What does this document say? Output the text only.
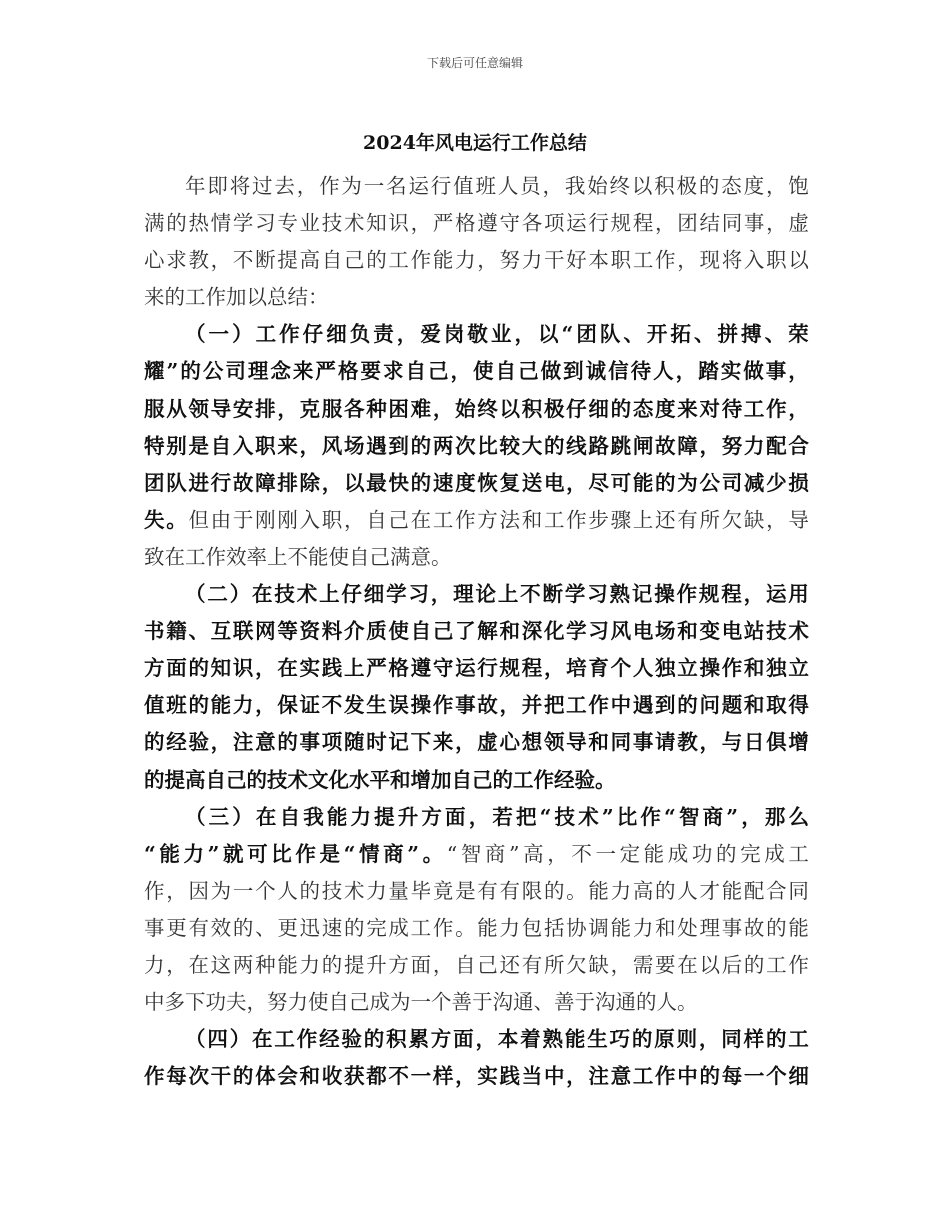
下载后可任意编辑
2024年风电运行工作总结
年 即 将 过 去 ， 作 为 一 名 运 行 值 班 人 员 ， 我 始 终 以 积 极 的 态 度 ， 饱
满 的 热 情 学 习 专 业 技 术 知 识 ， 严 格 遵 守 各 项 运 行 规 程 ， 团 结 同 事 ， 虚
心 求 教 ， 不 断 提 高 自 己 的 工 作 能 力 ， 努 力 干 好 本 职 工 作 ， 现 将 入 职 以
来 的 工 作 加 以 总 结 ：
（ 一 ） 工 作 仔 细 负 责 ， 爱 岗 敬 业 ， 以 “ 团 队 、 开 拓 、 拼 搏 、 荣
耀 ” 的 公 司 理 念 来 严 格 要 求 自 己 ， 使 自 己 做 到 诚 信 待 人 ， 踏 实 做 事 ，
服 从 领 导 安 排 ， 克 服 各 种 困 难 ， 始 终 以 积 极 仔 细 的 态 度 来 对 待 工 作 ，
特 别 是 自 入 职 来 ， 风 场 遇 到 的 两 次 比 较 大 的 线 路 跳 闸 故 障 ， 努 力 配 合
团 队 进 行 故 障 排 除 ， 以 最 快 的 速 度 恢 复 送 电 ， 尽 可 能 的 为 公 司 减 少 损
失 。 但 由 于 刚 刚 入 职 ， 自 己 在 工 作 方 法 和 工 作 步 骤 上 还 有 所 欠 缺 ， 导
致 在 工 作 效 率 上 不 能 使 自 己 满 意 。
（ 二 ） 在 技 术 上 仔 细 学 习 ， 理 论 上 不 断 学 习 熟 记 操 作 规 程 ， 运 用
书 籍 、 互 联 网 等 资 料 介 质 使 自 己 了 解 和 深 化 学 习 风 电 场 和 变 电 站 技 术
方 面 的 知 识 ， 在 实 践 上 严 格 遵 守 运 行 规 程 ， 培 育 个 人 独 立 操 作 和 独 立
值 班 的 能 力 ， 保 证 不 发 生 误 操 作 事 故 ， 并 把 工 作 中 遇 到 的 问 题 和 取 得
的 经 验 ， 注 意 的 事 项 随 时 记 下 来 ， 虚 心 想 领 导 和 同 事 请 教 ， 与 日 俱 增
的 提 高 自 己 的 技 术 文 化 水 平 和 增 加 自 己 的 工 作 经 验 。
（ 三 ） 在 自 我 能 力 提 升 方 面 ， 若 把 “ 技 术 ” 比 作 “ 智 商 ” ， 那 么
“ 能 力 ” 就 可 比 作 是 “ 情 商 ” 。 “ 智 商 ” 高 ， 不 一 定 能 成 功 的 完 成 工
作 ， 因 为 一 个 人 的 技 术 力 量 毕 竟 是 有 有 限 的 。 能 力 高 的 人 才 能 配 合 同
事 更 有 效 的 、 更 迅 速 的 完 成 工 作 。 能 力 包 括 协 调 能 力 和 处 理 事 故 的 能
力 ， 在 这 两 种 能 力 的 提 升 方 面 ， 自 己 还 有 所 欠 缺 ， 需 要 在 以 后 的 工 作
中 多 下 功 夫 ， 努 力 使 自 己 成 为 一 个 善 于 沟 通 、 善 于 沟 通 的 人 。
（ 四 ） 在 工 作 经 验 的 积 累 方 面 ， 本 着 熟 能 生 巧 的 原 则 ， 同 样 的 工
作 每 次 干 的 体 会 和 收 获 都 不 一 样 ， 实 践 当 中 ， 注 意 工 作 中 的 每 一 个 细
